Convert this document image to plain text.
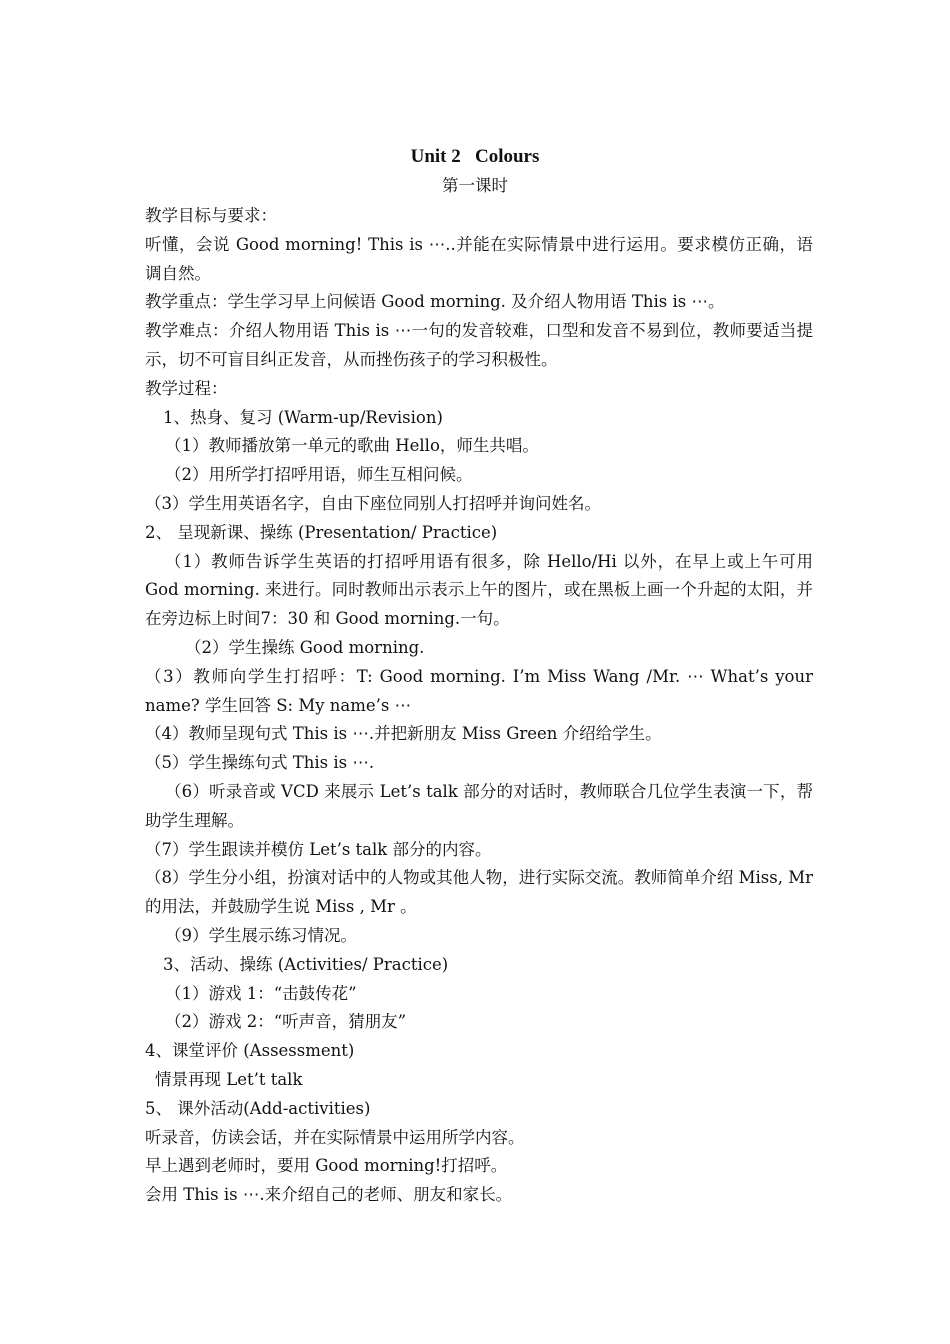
Unit 2   Colours
第一课时

教学目标与要求：

听懂，会说 Good morning! This is ⋯..并能在实际情景中进行运用。要求模仿正确，语调自然。

教学重点：学生学习早上问候语 Good morning. 及介绍人物用语 This is ⋯。

教学难点：介绍人物用语 This is ⋯一句的发音较难，口型和发音不易到位，教师要适当提示，切不可盲目纠正发音，从而挫伤孩子的学习积极性。

教学过程：

1、热身、复习 (Warm-up/Revision)

（1）教师播放第一单元的歌曲 Hello，师生共唱。

（2）用所学打招呼用语，师生互相问候。

（3）学生用英语名字，自由下座位同别人打招呼并询问姓名。

2、 呈现新课、操练 (Presentation/ Practice)

（1）教师告诉学生英语的打招呼用语有很多，除 Hello/Hi 以外，在早上或上午可用 God morning. 来进行。同时教师出示表示上午的图片，或在黑板上画一个升起的太阳，并在旁边标上时间7：30 和 Good morning.一句。

（2）学生操练 Good morning.

（3）教师向学生打招呼：T: Good morning. I’m Miss Wang /Mr. ⋯ What’s your name? 学生回答 S: My name’s ⋯

（4）教师呈现句式 This is ⋯.并把新朋友 Miss Green 介绍给学生。

（5）学生操练句式 This is ⋯.

（6）听录音或 VCD 来展示 Let’s talk 部分的对话时，教师联合几位学生表演一下，帮助学生理解。

（7）学生跟读并模仿 Let’s talk 部分的内容。

（8）学生分小组，扮演对话中的人物或其他人物，进行实际交流。教师简单介绍 Miss, Mr 的用法，并鼓励学生说 Miss , Mr 。

（9）学生展示练习情况。

3、活动、操练 (Activities/ Practice)

（1）游戏 1：“击鼓传花”

（2）游戏 2：“听声音，猜朋友”

4、课堂评价 (Assessment)

情景再现 Let’t talk

5、 课外活动(Add-activities)

听录音，仿读会话，并在实际情景中运用所学内容。

早上遇到老师时，要用 Good morning!打招呼。

会用 This is ⋯.来介绍自己的老师、朋友和家长。
